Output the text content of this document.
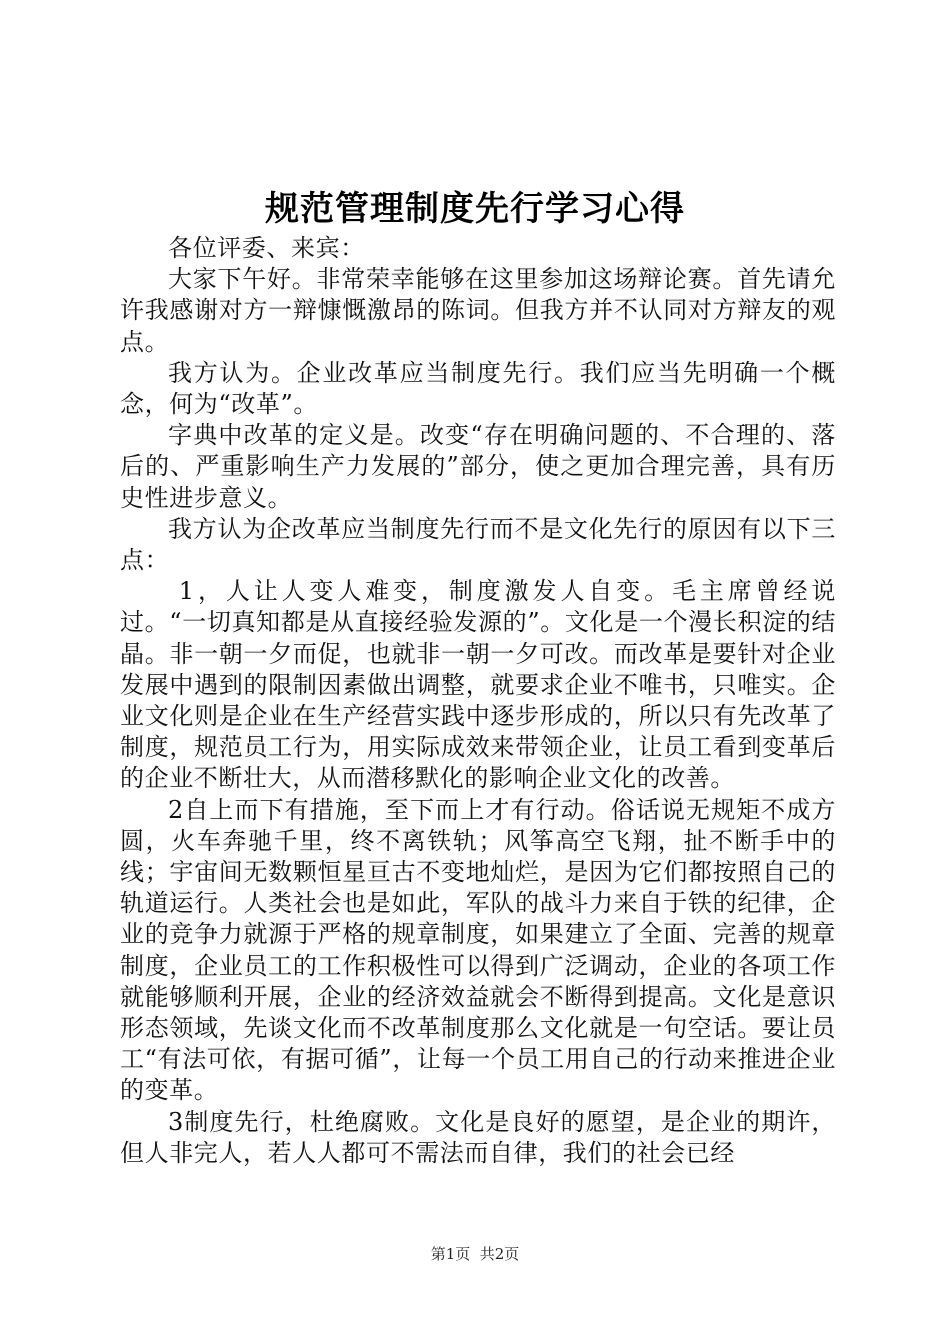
规范管理制度先行学习心得

各位评委、来宾：

大家下午好。非常荣幸能够在这里参加这场辩论赛。首先请允许我感谢对方一辩慷慨激昂的陈词。但我方并不认同对方辩友的观点。

我方认为。企业改革应当制度先行。我们应当先明确一个概念，何为“改革”。

字典中改革的定义是。改变“存在明确问题的、不合理的、落后的、严重影响生产力发展的”部分，使之更加合理完善，具有历史性进步意义。

我方认为企改革应当制度先行而不是文化先行的原因有以下三点：

1，人让人变人难变，制度激发人自变。毛主席曾经说过。“一切真知都是从直接经验发源的”。文化是一个漫长积淀的结晶。非一朝一夕而促，也就非一朝一夕可改。而改革是要针对企业发展中遇到的限制因素做出调整，就要求企业不唯书，只唯实。企业文化则是企业在生产经营实践中逐步形成的，所以只有先改革了制度，规范员工行为，用实际成效来带领企业，让员工看到变革后的企业不断壮大，从而潜移默化的影响企业文化的改善。

2自上而下有措施，至下而上才有行动。俗话说无规矩不成方圆，火车奔驰千里，终不离铁轨；风筝高空飞翔，扯不断手中的线；宇宙间无数颗恒星亘古不变地灿烂，是因为它们都按照自己的轨道运行。人类社会也是如此，军队的战斗力来自于铁的纪律，企业的竞争力就源于严格的规章制度，如果建立了全面、完善的规章制度，企业员工的工作积极性可以得到广泛调动，企业的各项工作就能够顺利开展，企业的经济效益就会不断得到提高。文化是意识形态领域，先谈文化而不改革制度那么文化就是一句空话。要让员工“有法可依，有据可循”，让每一个员工用自己的行动来推进企业的变革。

3制度先行，杜绝腐败。文化是良好的愿望，是企业的期许，但人非完人，若人人都可不需法而自律，我们的社会已经

第1页  共2页
